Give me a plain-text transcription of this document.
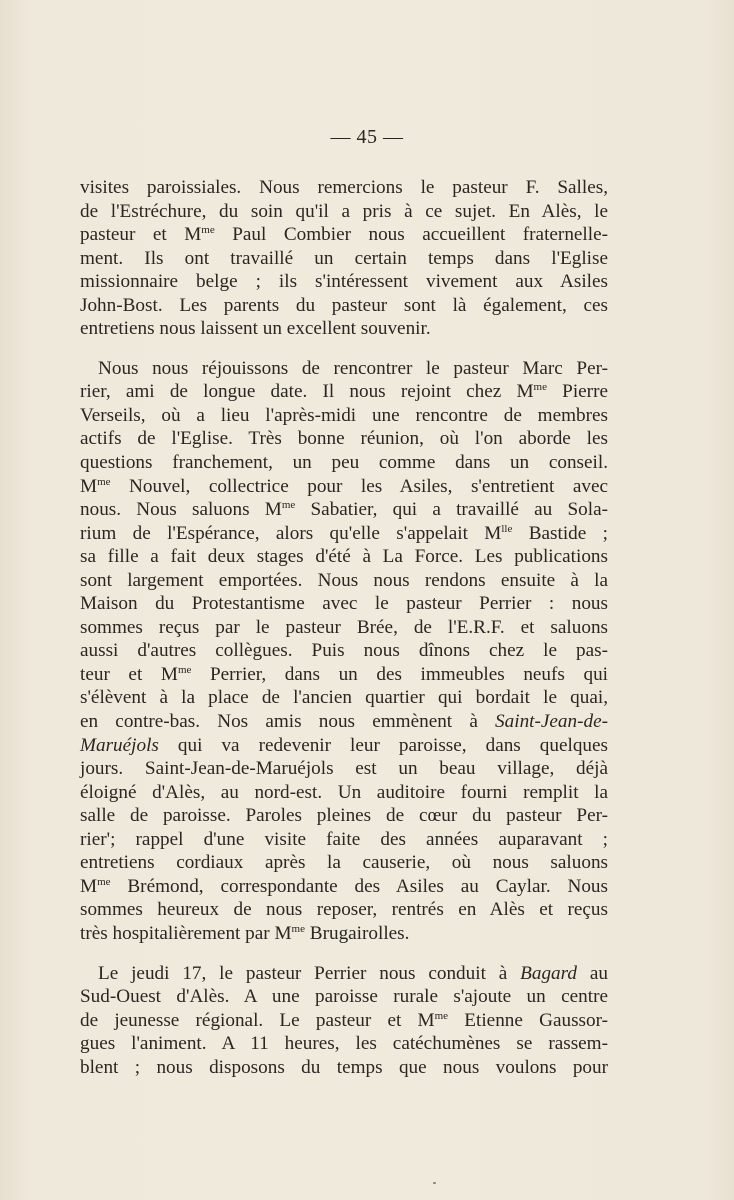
— 45 —
visites paroissiales. Nous remercions le pasteur F. Salles,
de l'Estréchure, du soin qu'il a pris à ce sujet. En Alès, le
pasteur et $M^{me}$ Paul Combier nous accueillent fraternelle-
ment. Ils ont travaillé un certain temps dans l'Eglise
missionnaire belge ; ils s'intéressent vivement aux Asiles
John-Bost. Les parents du pasteur sont là également, ces
entretiens nous laissent un excellent souvenir.
Nous nous réjouissons de rencontrer le pasteur Marc Per-
rier, ami de longue date. Il nous rejoint chez $M^{me}$ Pierre
Verseils, où a lieu l'après-midi une rencontre de membres
actifs de l'Eglise. Très bonne réunion, où l'on aborde les
questions franchement, un peu comme dans un conseil.
$M^{me}$ Nouvel, collectrice pour les Asiles, s'entretient avec
nous. Nous saluons $M^{me}$ Sabatier, qui a travaillé au Sola-
rium de l'Espérance, alors qu'elle s'appelait $M^{lle}$ Bastide ;
sa fille a fait deux stages d'été à La Force. Les publications
sont largement emportées. Nous nous rendons ensuite à la
Maison du Protestantisme avec le pasteur Perrier : nous
sommes reçus par le pasteur Brée, de l'E.R.F. et saluons
aussi d'autres collègues. Puis nous dînons chez le pas-
teur et $M^{me}$ Perrier, dans un des immeubles neufs qui
s'élèvent à la place de l'ancien quartier qui bordait le quai,
en contre-bas. Nos amis nous emmènent à Saint-Jean-de-
Maruéjols qui va redevenir leur paroisse, dans quelques
jours. Saint-Jean-de-Maruéjols est un beau village, déjà
éloigné d'Alès, au nord-est. Un auditoire fourni remplit la
salle de paroisse. Paroles pleines de cœur du pasteur Per-
rier'; rappel d'une visite faite des années auparavant ;
entretiens cordiaux après la causerie, où nous saluons
$M^{me}$ Brémond, correspondante des Asiles au Caylar. Nous
sommes heureux de nous reposer, rentrés en Alès et reçus
très hospitalièrement par $M^{me}$ Brugairolles.
Le jeudi 17, le pasteur Perrier nous conduit à Bagard au
Sud-Ouest d'Alès. A une paroisse rurale s'ajoute un centre
de jeunesse régional. Le pasteur et $M^{me}$ Etienne Gaussor-
gues l'animent. A 11 heures, les catéchumènes se rassem-
blent ; nous disposons du temps que nous voulons pour
